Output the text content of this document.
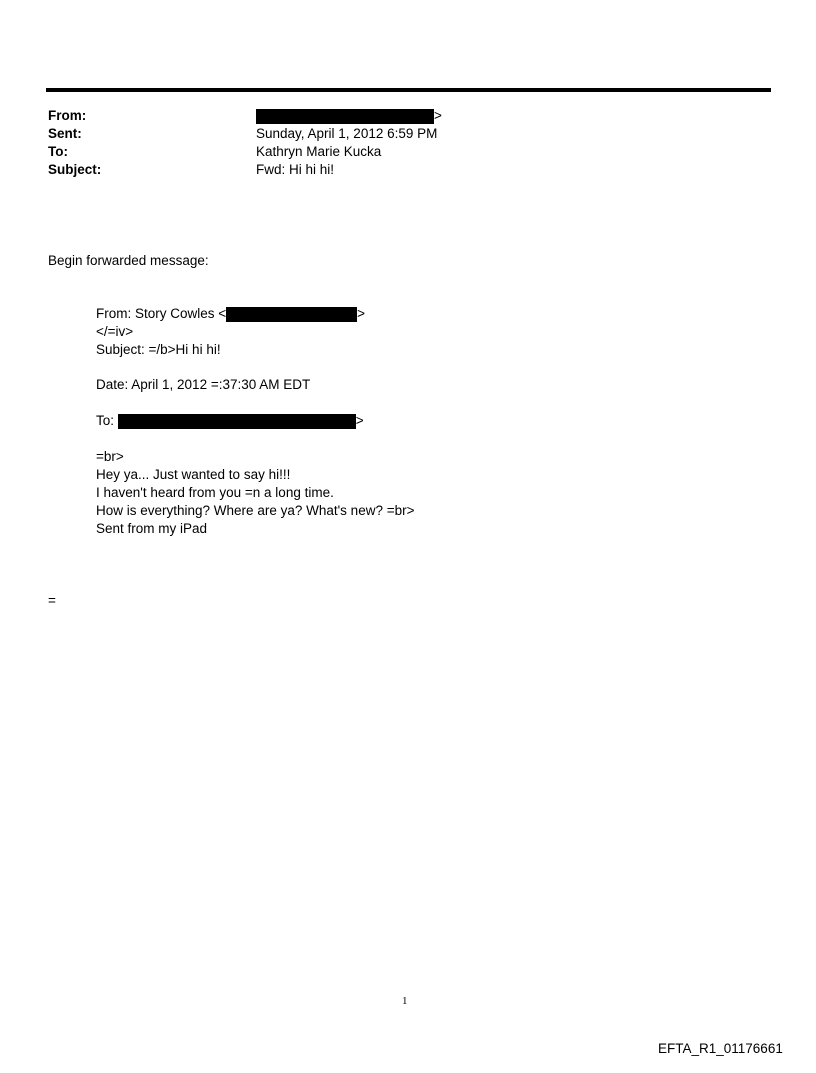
From:	>
Sent:	Sunday, April 1, 2012 6:59 PM
To:	Kathryn Marie Kucka
Subject:	Fwd: Hi hi hi!
Begin forwarded message:
From: Story Cowles <	>
</=iv>
Subject: =/b>Hi hi hi!
Date: April 1, 2012 =:37:30 AM EDT
To:	>
=br>
Hey ya... Just wanted to say hi!!!
I haven't heard from you =n a long time.
How is everything? Where are ya? What's new? =br>
Sent from my iPad
=
1
EFTA_R1_01176661
